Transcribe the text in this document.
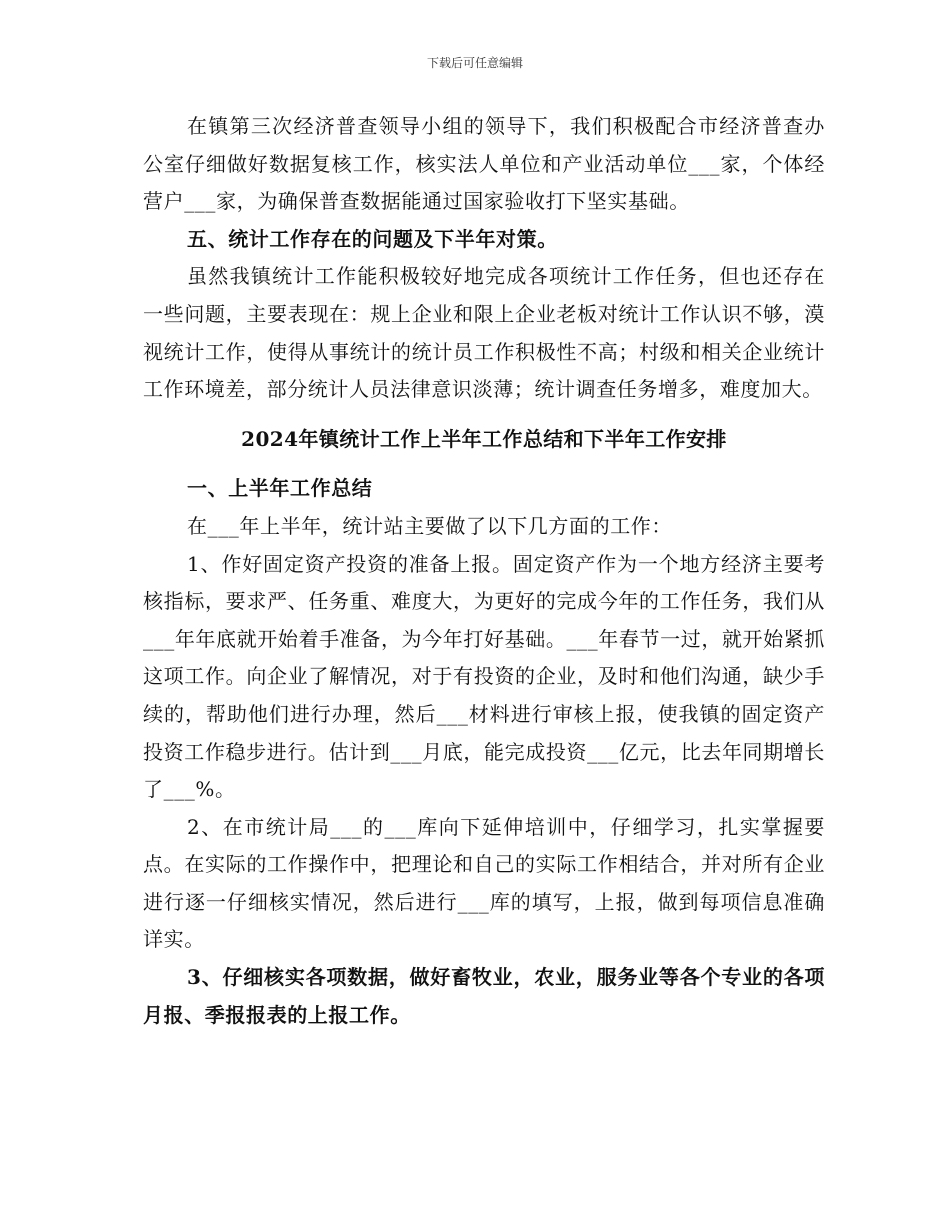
下载后可任意编辑

在镇第三次经济普查领导小组的领导下，我们积极配合市经济普查办公室仔细做好数据复核工作，核实法人单位和产业活动单位___家，个体经营户___家，为确保普查数据能通过国家验收打下坚实基础。

五、统计工作存在的问题及下半年对策。

虽然我镇统计工作能积极较好地完成各项统计工作任务，但也还存在一些问题，主要表现在：规上企业和限上企业老板对统计工作认识不够，漠视统计工作，使得从事统计的统计员工作积极性不高；村级和相关企业统计工作环境差，部分统计人员法律意识淡薄；统计调查任务增多，难度加大。

2024年镇统计工作上半年工作总结和下半年工作安排

一、上半年工作总结

在___年上半年，统计站主要做了以下几方面的工作：

1、作好固定资产投资的准备上报。固定资产作为一个地方经济主要考核指标，要求严、任务重、难度大，为更好的完成今年的工作任务，我们从___年年底就开始着手准备，为今年打好基础。___年春节一过，就开始紧抓这项工作。向企业了解情况，对于有投资的企业，及时和他们沟通，缺少手续的，帮助他们进行办理，然后___材料进行审核上报，使我镇的固定资产投资工作稳步进行。估计到___月底，能完成投资___亿元，比去年同期增长了___%。

2、在市统计局___的___库向下延伸培训中，仔细学习，扎实掌握要点。在实际的工作操作中，把理论和自己的实际工作相结合，并对所有企业进行逐一仔细核实情况，然后进行___库的填写，上报，做到每项信息准确详实。

3、仔细核实各项数据，做好畜牧业，农业，服务业等各个专业的各项月报、季报报表的上报工作。
